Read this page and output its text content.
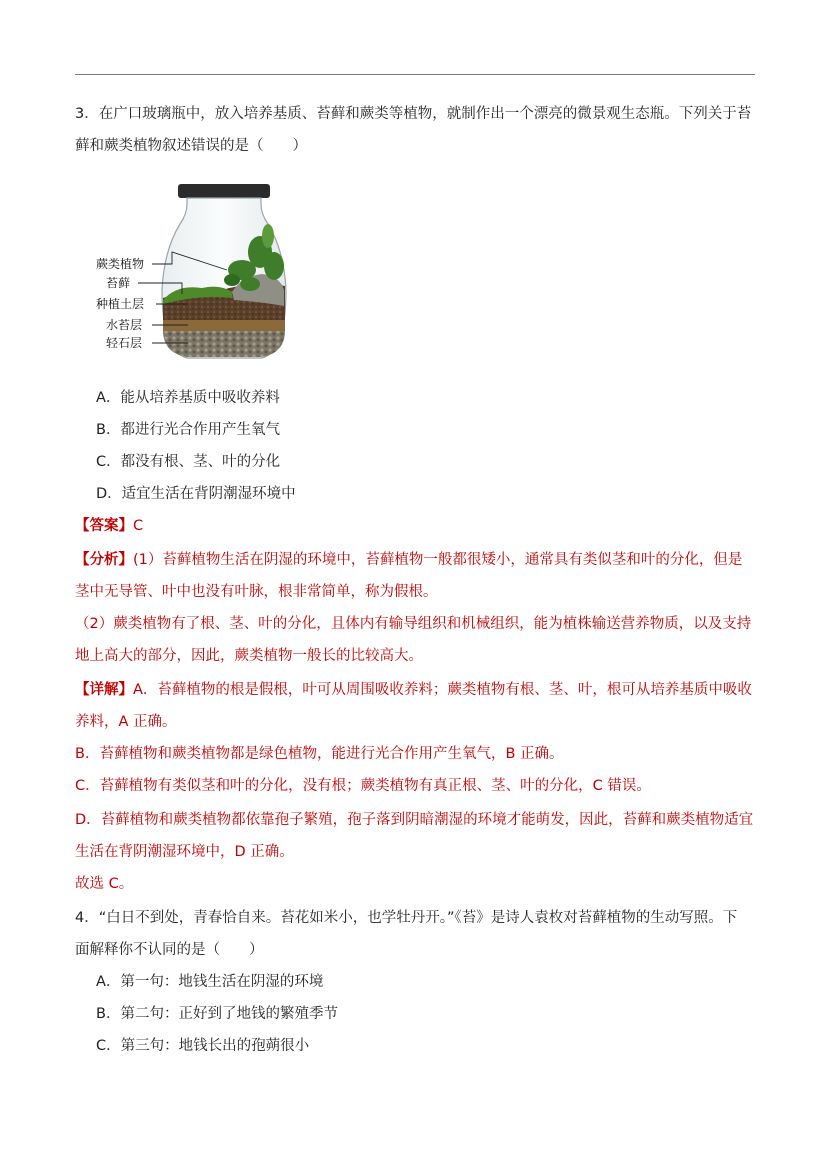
3．在广口玻璃瓶中，放入培养基质、苔藓和蕨类等植物，就制作出一个漂亮的微景观生态瓶。下列关于苔
藓和蕨类植物叙述错误的是（　　）
蕨类植物
苔藓
种植土层
水苔层
轻石层
A．能从培养基质中吸收养料
B．都进行光合作用产生氧气
C．都没有根、茎、叶的分化
D．适宜生活在背阴潮湿环境中
【答案】C
【分析】(1）苔藓植物生活在阴湿的环境中，苔藓植物一般都很矮小，通常具有类似茎和叶的分化，但是
茎中无导管、叶中也没有叶脉，根非常简单，称为假根。
（2）蕨类植物有了根、茎、叶的分化，且体内有输导组织和机械组织，能为植株输送营养物质，以及支持
地上高大的部分，因此，蕨类植物一般长的比较高大。
【详解】A．苔藓植物的根是假根，叶可从周围吸收养料；蕨类植物有根、茎、叶，根可从培养基质中吸收
养料，A 正确。
B．苔藓植物和蕨类植物都是绿色植物，能进行光合作用产生氧气，B 正确。
C．苔藓植物有类似茎和叶的分化，没有根；蕨类植物有真正根、茎、叶的分化，C 错误。
D．苔藓植物和蕨类植物都依靠孢子繁殖，孢子落到阴暗潮湿的环境才能萌发，因此，苔藓和蕨类植物适宜
生活在背阴潮湿环境中，D 正确。
故选 C。
4．“白日不到处，青春恰自来。苔花如米小，也学牡丹开。”《苔》是诗人袁枚对苔藓植物的生动写照。下
面解释你不认同的是（　　）
A．第一句：地钱生活在阴湿的环境
B．第二句：正好到了地钱的繁殖季节
C．第三句：地钱长出的孢蒴很小
